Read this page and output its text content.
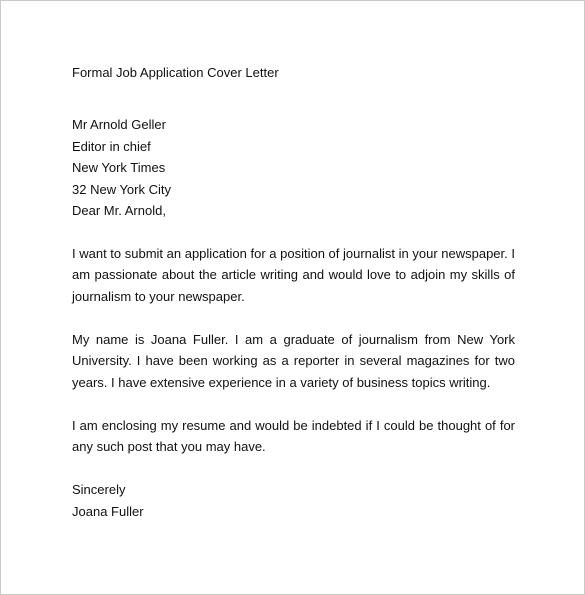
Formal Job Application Cover Letter
Mr Arnold Geller
Editor in chief
New York Times
32 New York City
Dear Mr. Arnold,

I want to submit an application for a position of journalist in your newspaper. I am passionate about the article writing and would love to adjoin my skills of journalism to your newspaper.

My name is Joana Fuller. I am a graduate of journalism from New York University. I have been working as a reporter in several magazines for two years. I have extensive experience in a variety of business topics writing.

I am enclosing my resume and would be indebted if I could be thought of for any such post that you may have.

Sincerely
Joana Fuller
